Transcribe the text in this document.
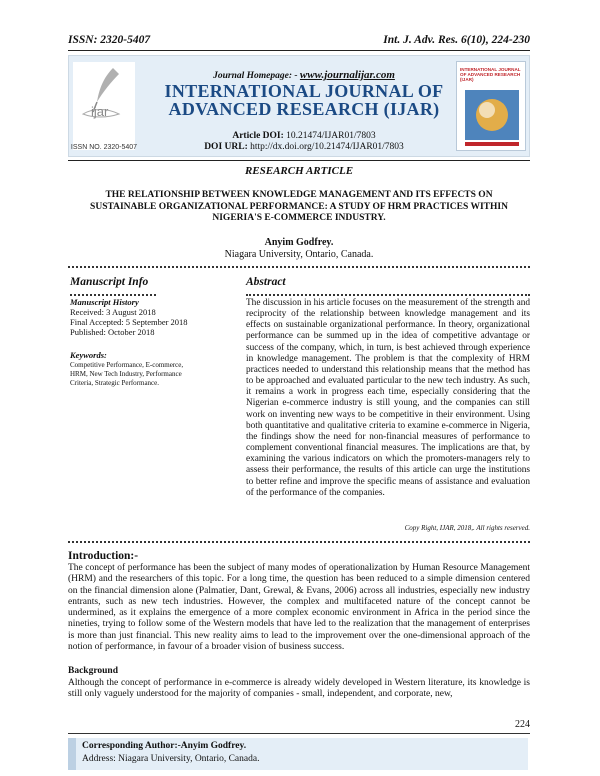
ISSN: 2320-5407	Int. J. Adv. Res. 6(10), 224-230
ijar
ISSN NO. 2320-5407
Journal Homepage: - www.journalijar.com
INTERNATIONAL JOURNAL OF
ADVANCED RESEARCH (IJAR)
Article DOI: 10.21474/IJAR01/7803
DOI URL: http://dx.doi.org/10.21474/IJAR01/7803
INTERNATIONAL JOURNAL OF ADVANCED RESEARCH (IJAR)
RESEARCH ARTICLE
THE RELATIONSHIP BETWEEN KNOWLEDGE MANAGEMENT AND ITS EFFECTS ON
SUSTAINABLE ORGANIZATIONAL PERFORMANCE: A STUDY OF HRM PRACTICES WITHIN
NIGERIA'S E-COMMERCE INDUSTRY.
Anyim Godfrey.
Niagara University, Ontario, Canada.
Manuscript Info	Abstract
Manuscript History
Received: 3 August 2018
Final Accepted: 5 September 2018
Published: October 2018
Keywords:
Competitive Performance, E-commerce,
HRM, New Tech Industry, Performance
Criteria, Strategic Performance.
The discussion in his article focuses on the measurement of the strength and reciprocity of the relationship between knowledge management and its effects on sustainable organizational performance. In theory, organizational performance can be summed up in the idea of competitive advantage or success of the company, which, in turn, is best achieved through experience in knowledge management. The problem is that the complexity of HRM practices needed to understand this relationship means that the method has to be approached and evaluated particular to the new tech industry. As such, it remains a work in progress each time, especially considering that the Nigerian e-commerce industry is still young, and the companies can still work on inventing new ways to be competitive in their environment. Using both quantitative and qualitative criteria to examine e-commerce in Nigeria, the findings show the need for non-financial measures of performance to complement conventional financial measures. The implications are that, by examining the various indicators on which the promoters-managers rely to assess their performance, the results of this article can urge the institutions to better refine and improve the specific means of assistance and evaluation of the performance of the companies.
Copy Right, IJAR, 2018,. All rights reserved.
Introduction:-
The concept of performance has been the subject of many modes of operationalization by Human Resource Management (HRM) and the researchers of this topic. For a long time, the question has been reduced to a simple dimension centered on the financial dimension alone (Palmatier, Dant, Grewal, & Evans, 2006) across all industries, especially new industry entrants, such as new tech industries. However, the complex and multifaceted nature of the concept cannot be undermined, as it explains the emergence of a more complex economic environment in Africa in the period since the nineties, trying to follow some of the Western models that have led to the realization that the management of enterprises is more than just financial. This new reality aims to lead to the improvement over the one-dimensional approach of the notion of performance, in favour of a broader vision of business success.
Background
Although the concept of performance in e-commerce is already widely developed in Western literature, its knowledge is still only vaguely understood for the majority of companies - small, independent, and corporate, new,
224
Corresponding Author:-Anyim Godfrey.
Address: Niagara University, Ontario, Canada.
